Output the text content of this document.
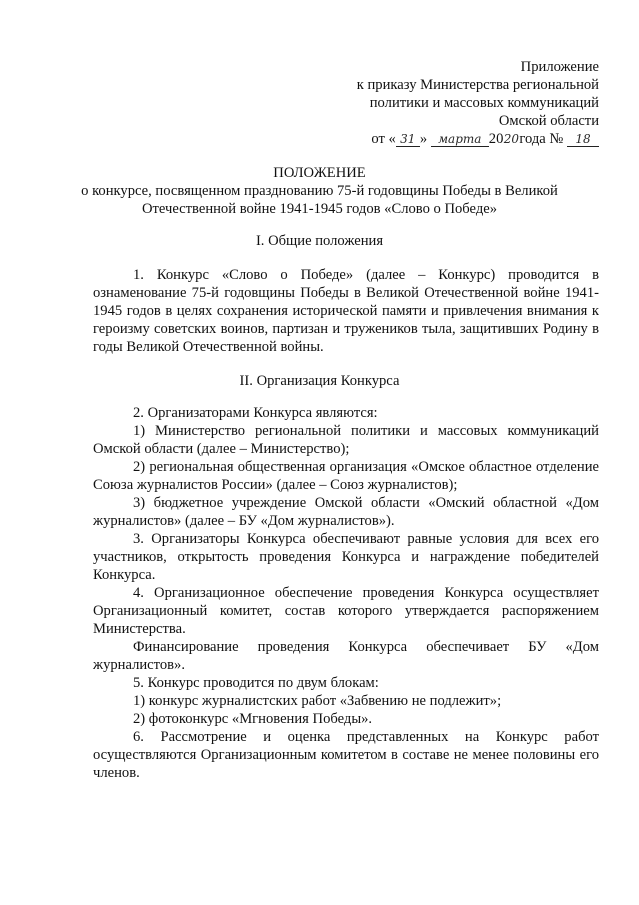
Приложение
к приказу Министерства региональной
политики и массовых коммуникаций
Омской области
от « 31 » марта 2020года № 18
ПОЛОЖЕНИЕ
о конкурсе, посвященном празднованию 75-й годовщины Победы в Великой
Отечественной войне 1941-1945 годов «Слово о Победе»
I. Общие положения

1. Конкурс «Слово о Победе» (далее – Конкурс) проводится в ознаменование 75-й годовщины Победы в Великой Отечественной войне 1941-1945 годов в целях сохранения исторической памяти и привлечения внимания к героизму советских воинов, партизан и тружеников тыла, защитивших Родину в годы Великой Отечественной войны.

II. Организация Конкурса

2. Организаторами Конкурса являются:

1) Министерство региональной политики и массовых коммуникаций Омской области (далее – Министерство);

2) региональная общественная организация «Омское областное отделение Союза журналистов России» (далее – Союз журналистов);

3) бюджетное учреждение Омской области «Омский областной «Дом журналистов» (далее – БУ «Дом журналистов»).

3. Организаторы Конкурса обеспечивают равные условия для всех его участников, открытость проведения Конкурса и награждение победителей Конкурса.

4. Организационное обеспечение проведения Конкурса осуществляет Организационный комитет, состав которого утверждается распоряжением Министерства.

Финансирование проведения Конкурса обеспечивает БУ «Дом журналистов».

5. Конкурс проводится по двум блокам:

1) конкурс журналистских работ «Забвению не подлежит»;

2) фотоконкурс «Мгновения Победы».

6. Рассмотрение и оценка представленных на Конкурс работ осуществляются Организационным комитетом в составе не менее половины его членов.
